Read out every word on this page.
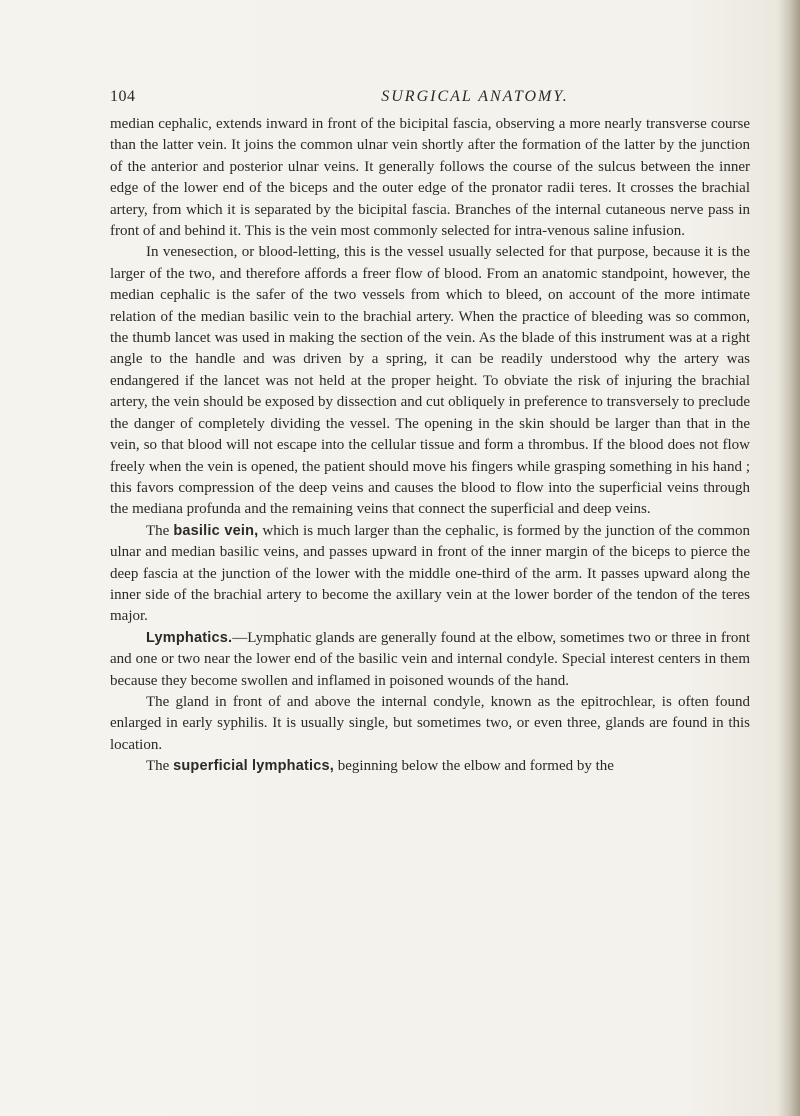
104	SURGICAL ANATOMY.

median cephalic, extends inward in front of the bicipital fascia, observing a more nearly transverse course than the latter vein. It joins the common ulnar vein shortly after the formation of the latter by the junction of the anterior and posterior ulnar veins. It generally follows the course of the sulcus between the inner edge of the lower end of the biceps and the outer edge of the pronator radii teres. It crosses the brachial artery, from which it is separated by the bicipital fascia. Branches of the internal cutaneous nerve pass in front of and behind it. This is the vein most commonly selected for intra-venous saline infusion.

In venesection, or blood-letting, this is the vessel usually selected for that purpose, because it is the larger of the two, and therefore affords a freer flow of blood. From an anatomic standpoint, however, the median cephalic is the safer of the two vessels from which to bleed, on account of the more intimate relation of the median basilic vein to the brachial artery. When the practice of bleeding was so common, the thumb lancet was used in making the section of the vein. As the blade of this instrument was at a right angle to the handle and was driven by a spring, it can be readily understood why the artery was endangered if the lancet was not held at the proper height. To obviate the risk of injuring the brachial artery, the vein should be exposed by dissection and cut obliquely in preference to transversely to preclude the danger of completely dividing the vessel. The opening in the skin should be larger than that in the vein, so that blood will not escape into the cellular tissue and form a thrombus. If the blood does not flow freely when the vein is opened, the patient should move his fingers while grasping something in his hand ; this favors compression of the deep veins and causes the blood to flow into the superficial veins through the mediana profunda and the remaining veins that connect the superficial and deep veins.

The basilic vein, which is much larger than the cephalic, is formed by the junction of the common ulnar and median basilic veins, and passes upward in front of the inner margin of the biceps to pierce the deep fascia at the junction of the lower with the middle one-third of the arm. It passes upward along the inner side of the brachial artery to become the axillary vein at the lower border of the tendon of the teres major.

Lymphatics.—Lymphatic glands are generally found at the elbow, sometimes two or three in front and one or two near the lower end of the basilic vein and internal condyle. Special interest centers in them because they become swollen and inflamed in poisoned wounds of the hand.

The gland in front of and above the internal condyle, known as the epitrochlear, is often found enlarged in early syphilis. It is usually single, but sometimes two, or even three, glands are found in this location.

The superficial lymphatics, beginning below the elbow and formed by the
